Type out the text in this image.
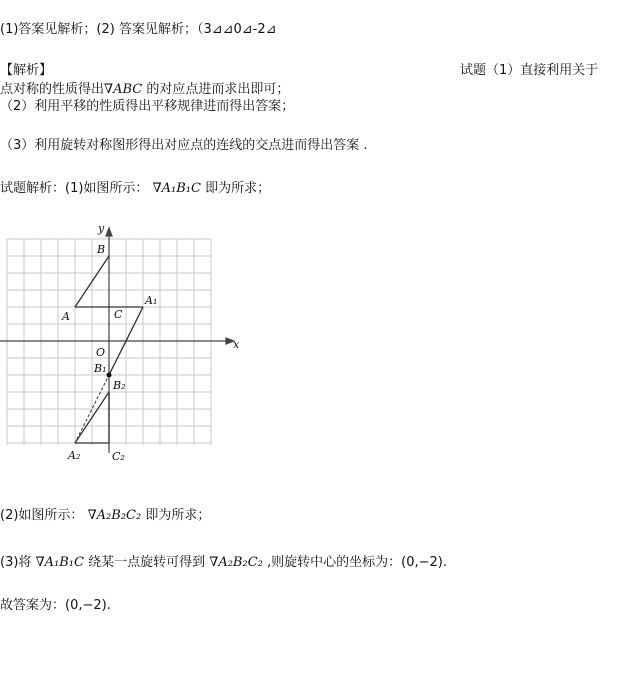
(1)答案见解析；(2) 答案见解析；（3⊿⊿0⊿-2⊿
【解析】	试题（1）直接利用关于
点对称的性质得出∇ABC 的对应点进而求出即可；
（2）利用平移的性质得出平移规律进而得出答案；
（3）利用旋转对称图形得出对应点的连线的交点进而得出答案 .
试题解析：(1)如图所示： ∇A₁B₁C 即为所求；
y
x
O
B
A	C
A₁
B₁
B₂
A₂	C₂
(2)如图所示： ∇A₂B₂C₂ 即为所求；
(3)将 ∇A₁B₁C 绕某一点旋转可得到 ∇A₂B₂C₂ ,则旋转中心的坐标为：(0,−2).
故答案为：(0,−2).
